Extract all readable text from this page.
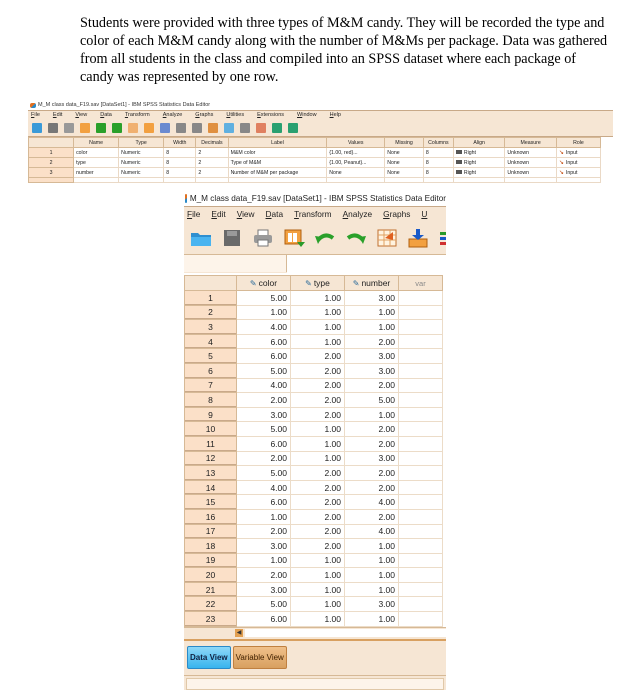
Students were provided with three types of M&M candy. They will be recorded the type and color of each M&M candy along with the number of M&Ms per package. Data was gathered from all students in the class and compiled into an SPSS dataset where each package of candy was represented by one row.
M_M class data_F19.sav [DataSet1] - IBM SPSS Statistics Data Editor
File Edit View Data Transform Analyze Graphs Utilities Extensions Window Help
	Name	Type	Width	Decimals	Label	Values	Missing	Columns	Align	Measure	Role
1	color	Numeric	8	2	M&M color	{1.00, red}...	None	8	Right	Unknown	↘ Input
2	type	Numeric	8	2	Type of M&M	{1.00, Peanut}...	None	8	Right	Unknown	↘ Input
3	number	Numeric	8	2	Number of M&M per package	None	None	8	Right	Unknown	↘ Input

M_M class data_F19.sav [DataSet1] - IBM SPSS Statistics Data Editor
File Edit View Data Transform Analyze Graphs U
	✎ color	✎ type	✎ number	var
1	5.00	1.00	3.00	
2	1.00	1.00	1.00	
3	4.00	1.00	1.00	
4	6.00	1.00	2.00	
5	6.00	2.00	3.00	
6	5.00	2.00	3.00	
7	4.00	2.00	2.00	
8	2.00	2.00	5.00	
9	3.00	2.00	1.00	
10	5.00	1.00	2.00	
11	6.00	1.00	2.00	
12	2.00	1.00	3.00	
13	5.00	2.00	2.00	
14	4.00	2.00	2.00	
15	6.00	2.00	4.00	
16	1.00	2.00	2.00	
17	2.00	2.00	4.00	
18	3.00	2.00	1.00	
19	1.00	1.00	1.00	
20	2.00	1.00	1.00	
21	3.00	1.00	1.00	
22	5.00	1.00	3.00	
23	6.00	1.00	1.00	
◀
Data View	Variable View
